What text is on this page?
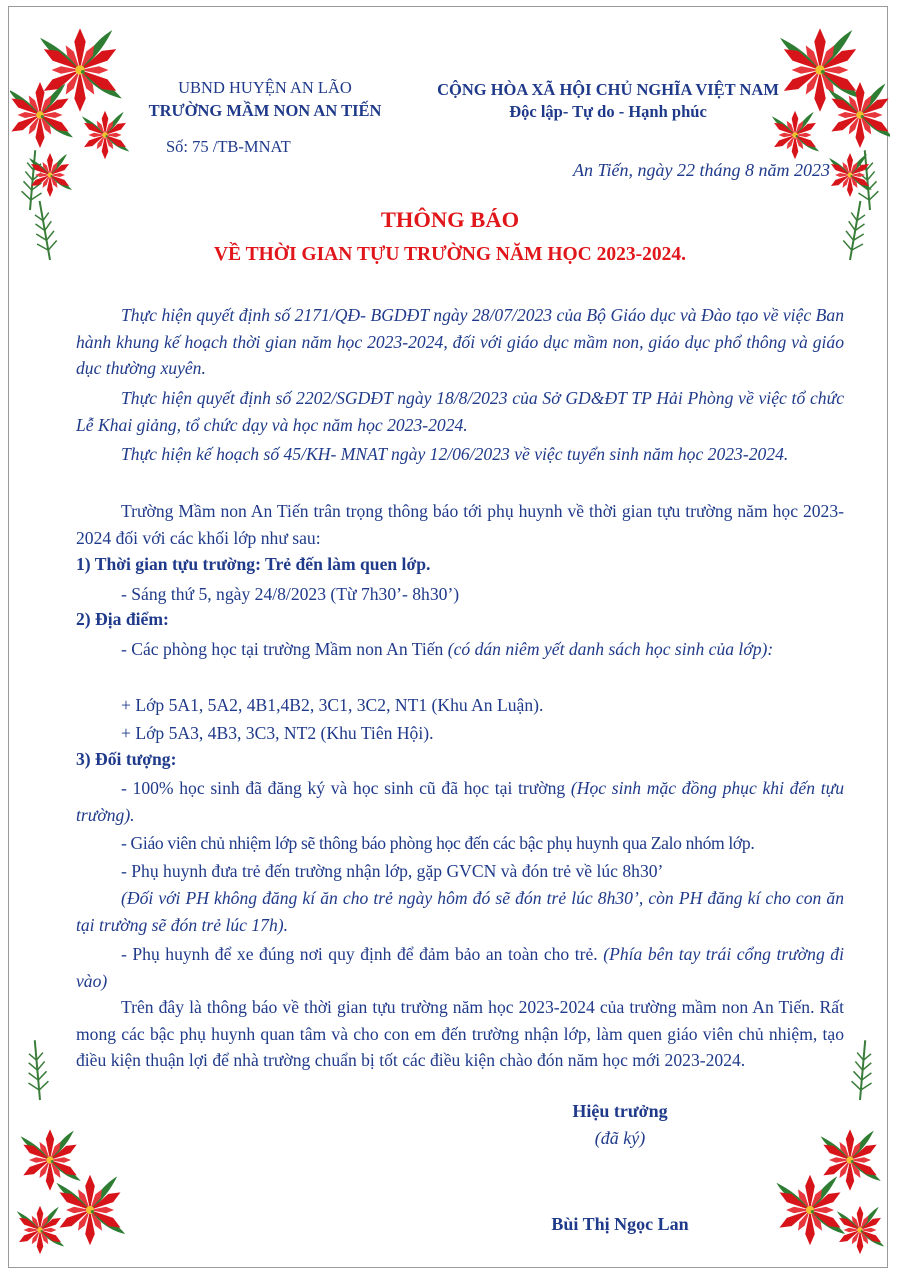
UBND HUYỆN AN LÃO

TRƯỜNG MẦM NON AN TIẾN

Số: 75 /TB-MNAT

CỘNG HÒA XÃ HỘI CHỦ NGHĨA VIỆT NAM

Độc lập- Tự do - Hạnh phúc

An Tiến, ngày 22 tháng 8 năm 2023

THÔNG BÁO

VỀ THỜI GIAN TỰU TRƯỜNG NĂM HỌC 2023-2024.

Thực hiện quyết định số 2171/QĐ- BGDĐT ngày 28/07/2023 của Bộ Giáo dục và Đào tạo về việc Ban hành khung kế hoạch thời gian năm học 2023-2024, đối với giáo dục mầm non, giáo dục phổ thông và giáo dục thường xuyên.

Thực hiện quyết định số 2202/SGDĐT ngày 18/8/2023 của Sở GD&ĐT TP Hải Phòng về việc tổ chức Lễ Khai giảng, tổ chức dạy và học năm học 2023-2024.

Thực hiện kế hoạch số 45/KH- MNAT ngày 12/06/2023 về việc tuyển sinh năm học 2023-2024.

Trường Mầm non An Tiến trân trọng thông báo tới phụ huynh về thời gian tựu trường năm học 2023-2024 đối với các khối lớp như sau:

1) Thời gian tựu trường: Trẻ đến làm quen lớp.

- Sáng thứ 5, ngày 24/8/2023 (Từ 7h30’- 8h30’)

2) Địa điểm:

- Các phòng học tại trường Mầm non An Tiến (có dán niêm yết danh sách học sinh của lớp):

+ Lớp 5A1, 5A2, 4B1,4B2, 3C1, 3C2, NT1 (Khu An Luận).

+ Lớp 5A3, 4B3, 3C3, NT2 (Khu Tiên Hội).

3) Đối tượng:

- 100% học sinh đã đăng ký và học sinh cũ đã học tại trường (Học sinh mặc đồng phục khi đến tựu trường).

- Giáo viên chủ nhiệm lớp sẽ thông báo phòng học đến các bậc phụ huynh qua Zalo nhóm lớp.

- Phụ huynh đưa trẻ đến trường nhận lớp, gặp GVCN và đón trẻ về lúc 8h30’

(Đối với PH không đăng kí ăn cho trẻ ngày hôm đó sẽ đón trẻ lúc 8h30’, còn PH đăng kí cho con ăn tại trường sẽ đón trẻ lúc 17h).

- Phụ huynh để xe đúng nơi quy định để đảm bảo an toàn cho trẻ. (Phía bên tay trái cổng trường đi vào)

Trên đây là thông báo về thời gian tựu trường năm học 2023-2024 của trường mầm non An Tiến. Rất mong các bậc phụ huynh quan tâm và cho con em đến trường nhận lớp, làm quen giáo viên chủ nhiệm, tạo điều kiện thuận lợi để nhà trường chuẩn bị tốt các điều kiện chào đón năm học mới 2023-2024.

Hiệu trưởng

(đã ký)

Bùi Thị Ngọc Lan
